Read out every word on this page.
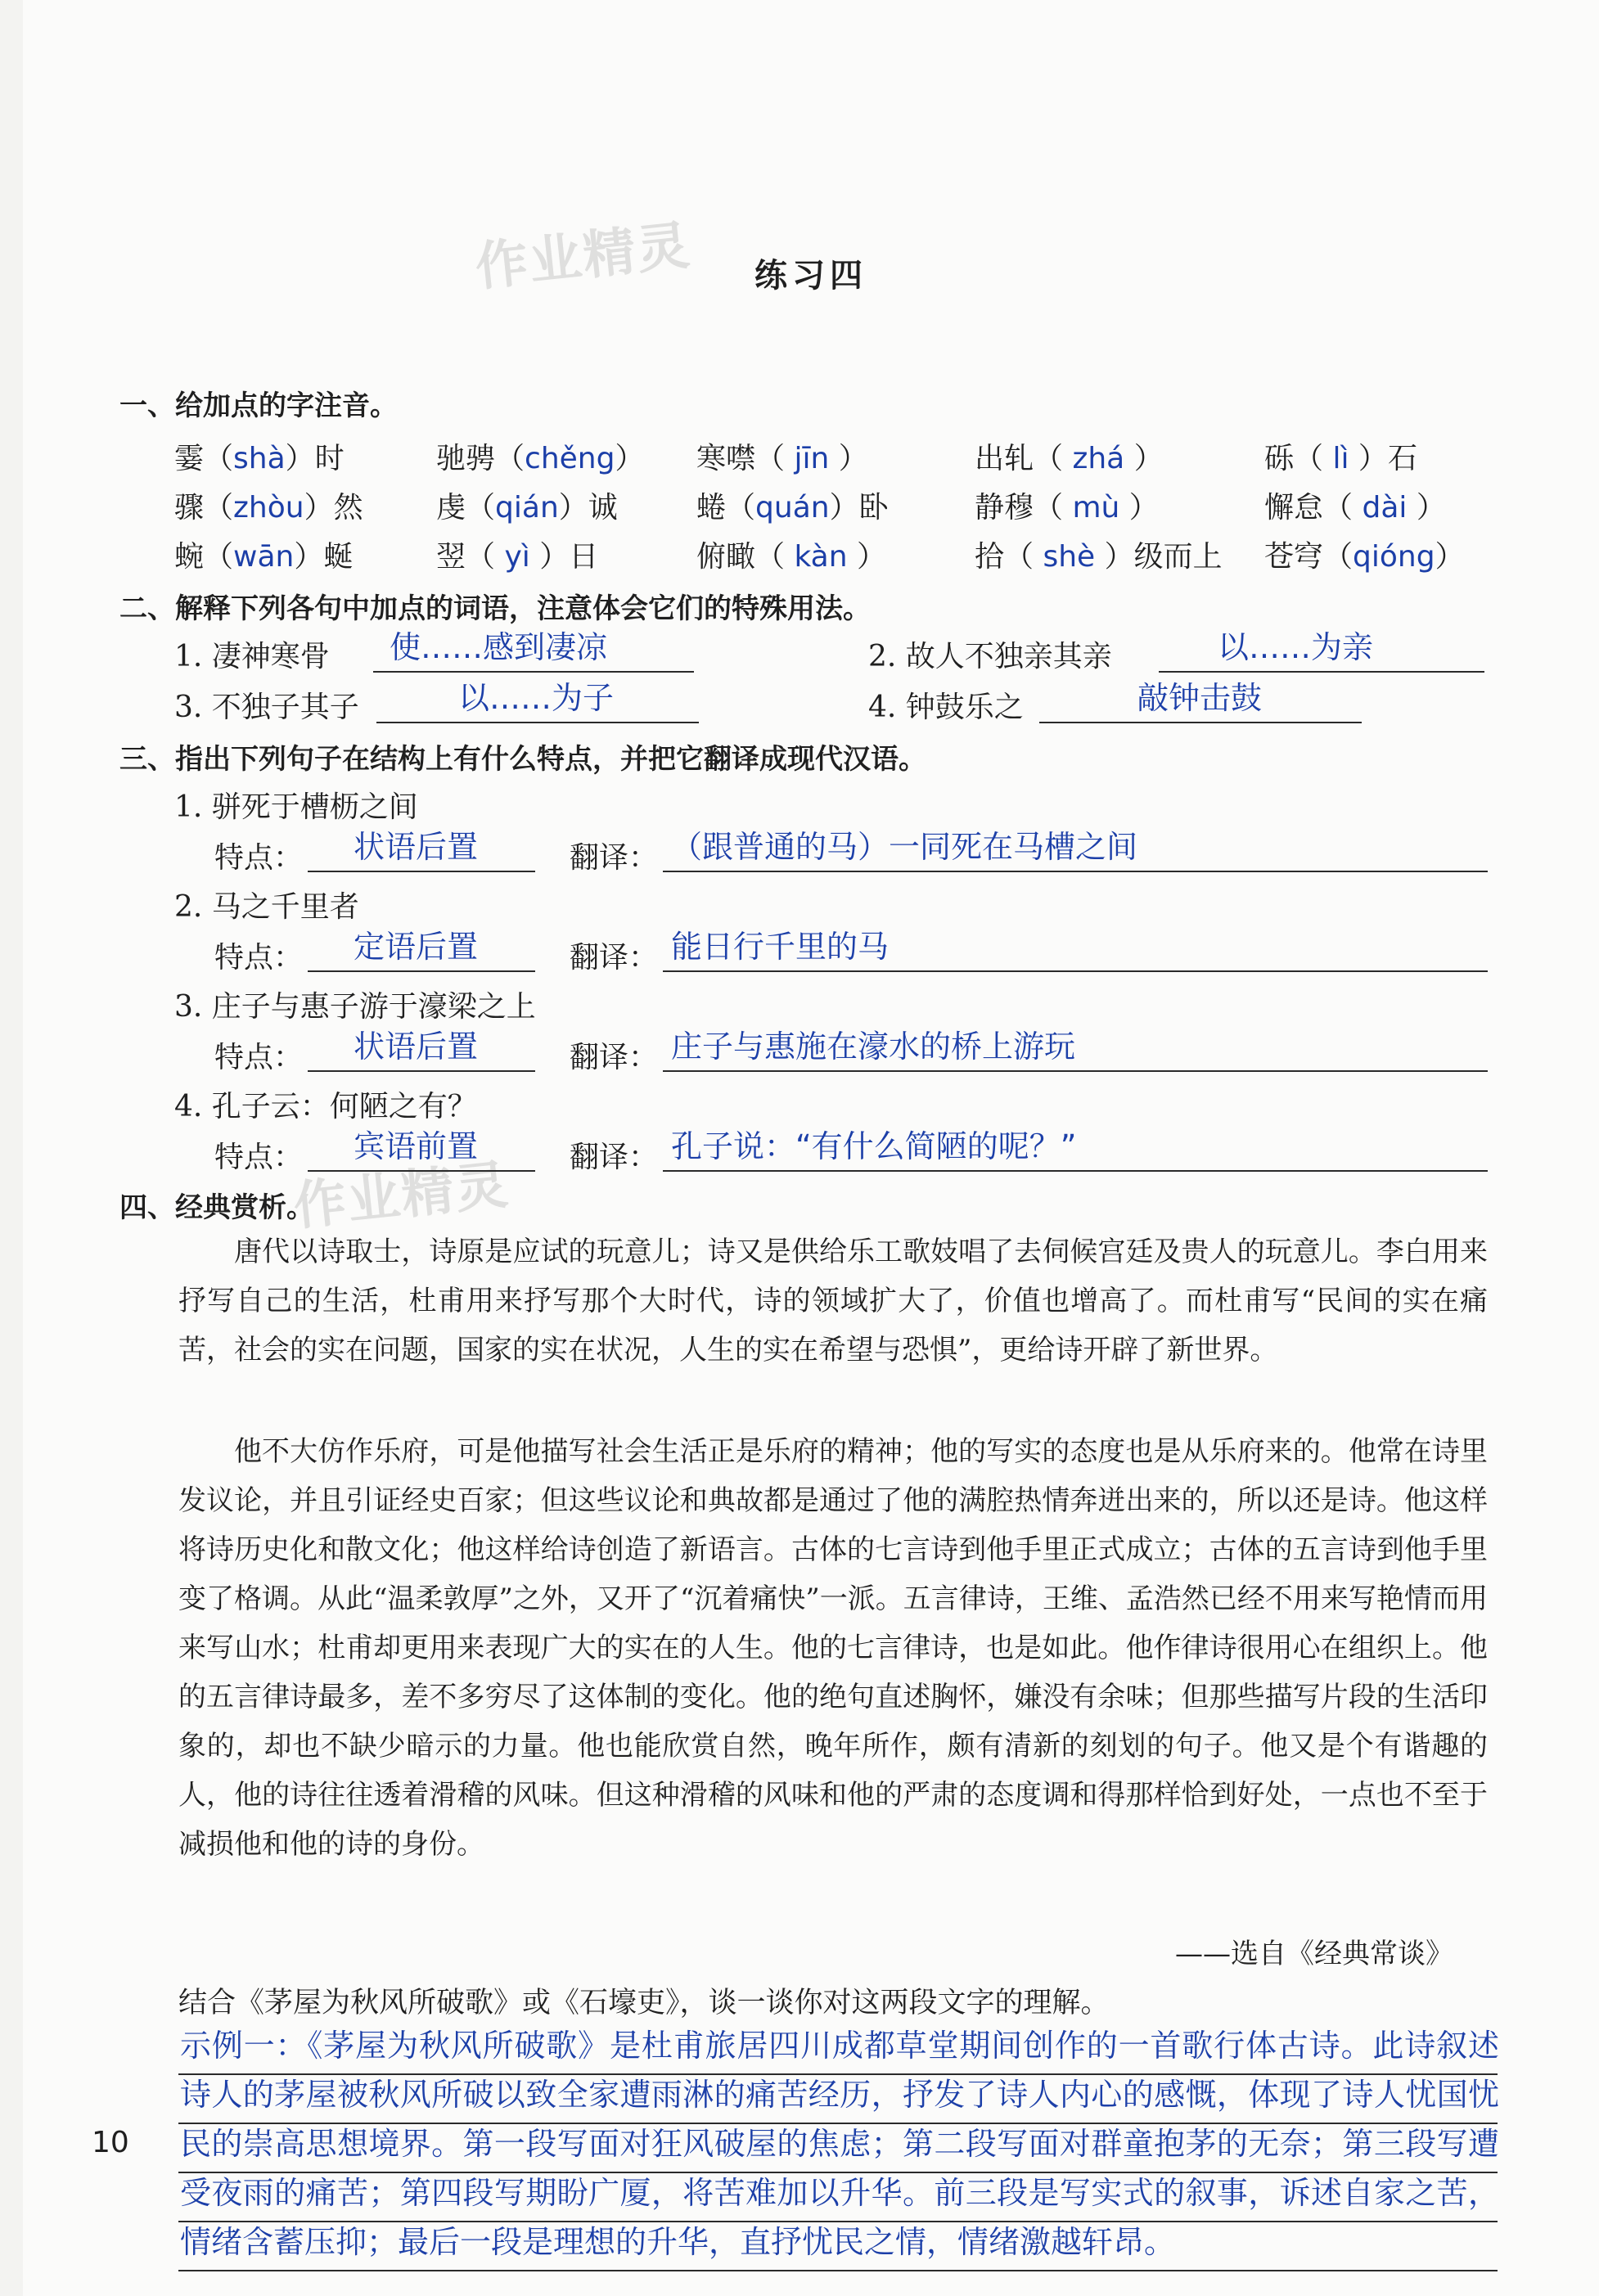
作业精灵
作业精灵
练习四
一、给加点的字注音。
霎（shà）时	驰骋（chěng） 寒噤（ jīn ）	出轧（ zhá ）	砾（ lì ）石
骤（zhòu）然 虔（qián）诚	蜷（quán）卧	静穆（ mù ）	懈怠（ dài ）
蜿（wān）蜒	翌（ yì ）日	俯瞰（ kàn ）	拾（ shè ）级而上 苍穹（qióng）
二、解释下列各句中加点的词语，注意体会它们的特殊用法。
1. 凄神寒骨 使……感到凄凉	2. 故人不独亲其亲	以……为亲
3. 不独子其子	以……为子	4. 钟鼓乐之	敲钟击鼓
三、指出下列句子在结构上有什么特点，并把它翻译成现代汉语。
1. 骈死于槽枥之间
特点： 状语后置	翻译： （跟普通的马）一同死在马槽之间
2. 马之千里者
特点： 定语后置	翻译： 能日行千里的马
3. 庄子与惠子游于濠梁之上
特点： 状语后置	翻译： 庄子与惠施在濠水的桥上游玩
4. 孔子云：何陋之有？
特点： 宾语前置	翻译： 孔子说：“有什么简陋的呢？”
四、经典赏析。
唐代以诗取士，诗原是应试的玩意儿；诗又是供给乐工歌妓唱了去伺候宫廷及贵人的玩意儿。李白用来抒写自己的生活，杜甫用来抒写那个大时代，诗的领域扩大了，价值也增高了。而杜甫写“民间的实在痛苦，社会的实在问题，国家的实在状况，人生的实在希望与恐惧”，更给诗开辟了新世界。
他不大仿作乐府，可是他描写社会生活正是乐府的精神；他的写实的态度也是从乐府来的。他常在诗里发议论，并且引证经史百家；但这些议论和典故都是通过了他的满腔热情奔迸出来的，所以还是诗。他这样将诗历史化和散文化；他这样给诗创造了新语言。古体的七言诗到他手里正式成立；古体的五言诗到他手里变了格调。从此“温柔敦厚”之外，又开了“沉着痛快”一派。五言律诗，王维、孟浩然已经不用来写艳情而用来写山水；杜甫却更用来表现广大的实在的人生。他的七言律诗，也是如此。他作律诗很用心在组织上。他的五言律诗最多，差不多穷尽了这体制的变化。他的绝句直述胸怀，嫌没有余味；但那些描写片段的生活印象的，却也不缺少暗示的力量。他也能欣赏自然，晚年所作，颇有清新的刻划的句子。他又是个有谐趣的人，他的诗往往透着滑稽的风味。但这种滑稽的风味和他的严肃的态度调和得那样恰到好处，一点也不至于减损他和他的诗的身份。
——选自《经典常谈》
结合《茅屋为秋风所破歌》或《石壕吏》，谈一谈你对这两段文字的理解。
示例一：《茅屋为秋风所破歌》是杜甫旅居四川成都草堂期间创作的一首歌行体古诗。此诗叙述诗人的茅屋被秋风所破以致全家遭雨淋的痛苦经历，抒发了诗人内心的感慨，体现了诗人忧国忧民的崇高思想境界。第一段写面对狂风破屋的焦虑；第二段写面对群童抱茅的无奈；第三段写遭受夜雨的痛苦；第四段写期盼广厦，将苦难加以升华。前三段是写实式的叙事，诉述自家之苦，情绪含蓄压抑；最后一段是理想的升华，直抒忧民之情，情绪激越轩昂。
10
